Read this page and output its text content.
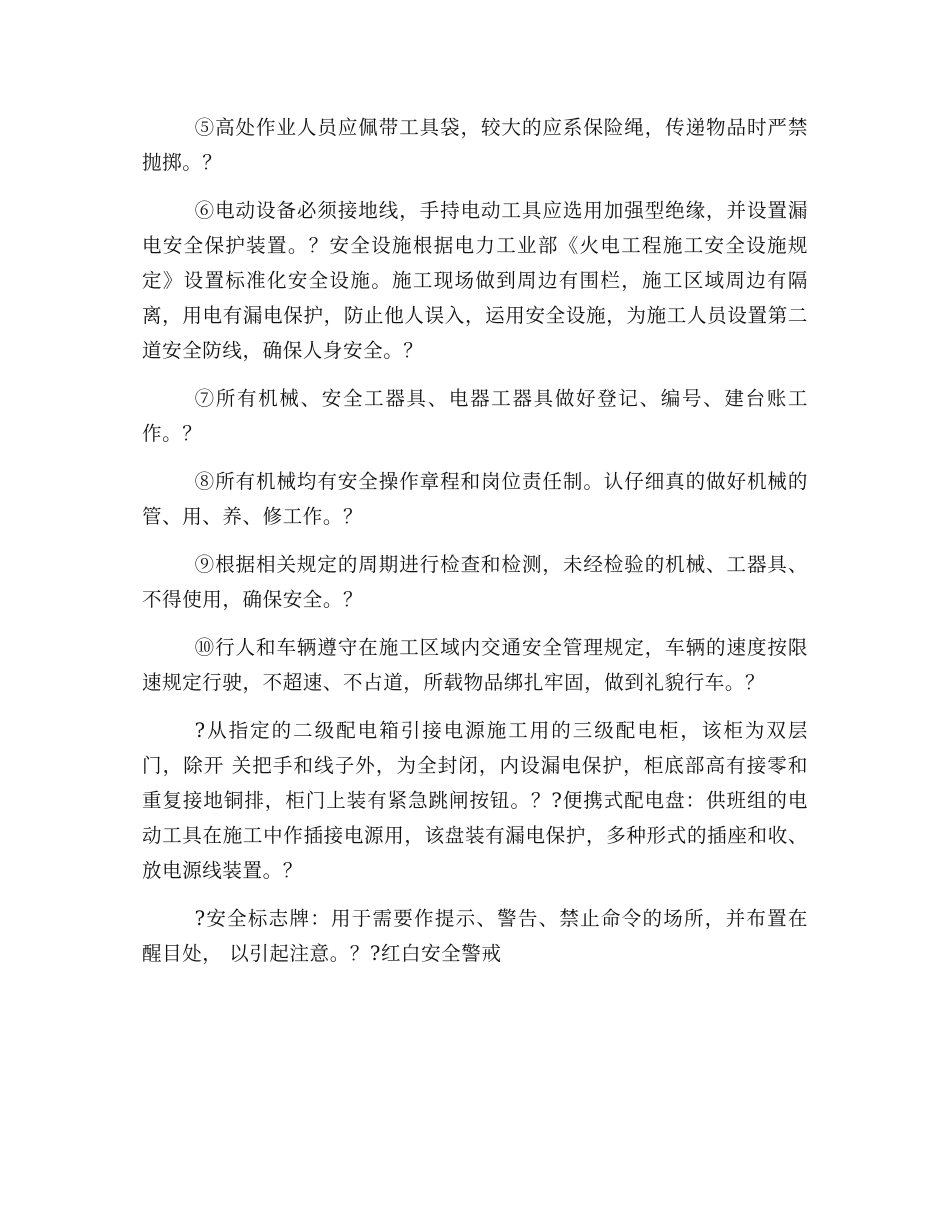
⑤高处作业人员应佩带工具袋，较大的应系保险绳，传递物品时严禁抛掷。？

⑥电动设备必须接地线，手持电动工具应选用加强型绝缘，并设置漏电安全保护装置。？安全设施根据电力工业部《火电工程施工安全设施规定》设置标准化安全设施。施工现场做到周边有围栏，施工区域周边有隔离，用电有漏电保护，防止他人误入，运用安全设施，为施工人员设置第二道安全防线，确保人身安全。？

⑦所有机械、安全工器具、电器工器具做好登记、编号、建台账工作。？

⑧所有机械均有安全操作章程和岗位责任制。认仔细真的做好机械的管、用、养、修工作。？

⑨根据相关规定的周期进行检查和检测，未经检验的机械、工器具、不得使用，确保安全。？

⑩行人和车辆遵守在施工区域内交通安全管理规定，车辆的速度按限速规定行驶，不超速、不占道，所载物品绑扎牢固，做到礼貌行车。？

?从指定的二级配电箱引接电源施工用的三级配电柜，该柜为双层门，除开 关把手和线子外，为全封闭，内设漏电保护，柜底部高有接零和重复接地铜排，柜门上装有紧急跳闸按钮。？?便携式配电盘：供班组的电动工具在施工中作插接电源用，该盘装有漏电保护，多种形式的插座和收、放电源线装置。？

?安全标志牌：用于需要作提示、警告、禁止命令的场所，并布置在醒目处， 以引起注意。？?红白安全警戒
